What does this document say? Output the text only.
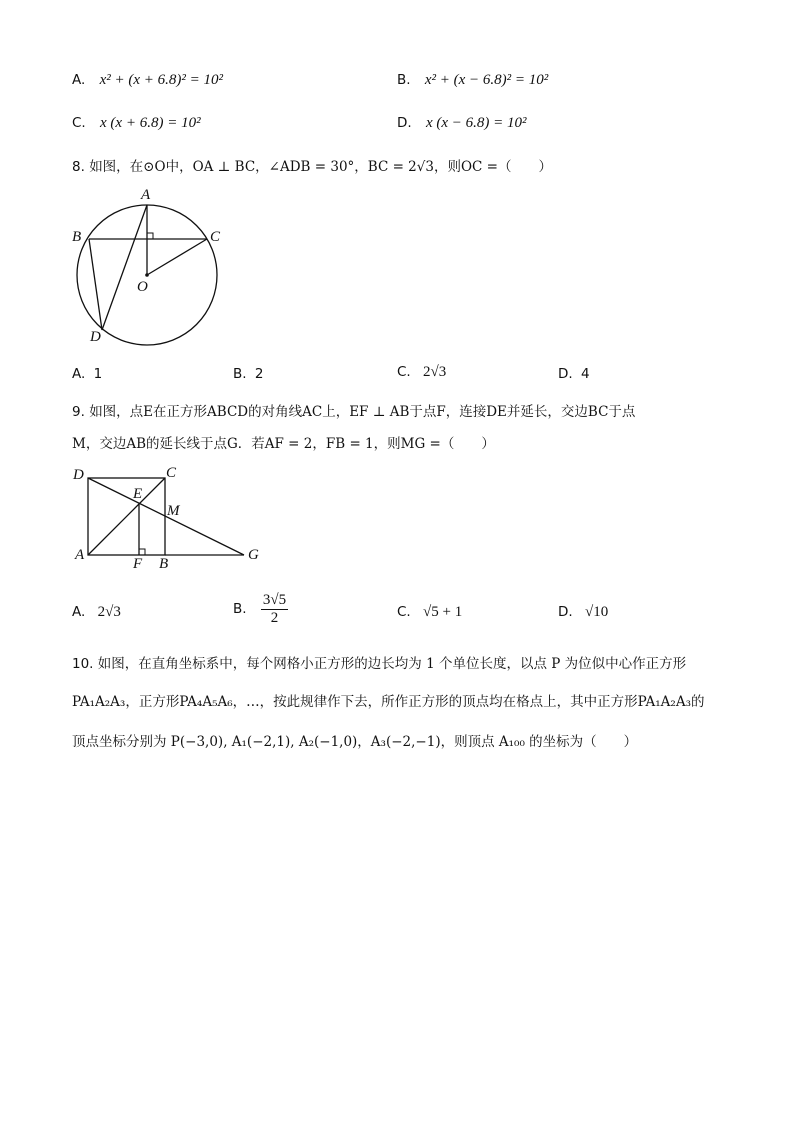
A. x² + (x + 6.8)² = 10²	B. x² + (x − 6.8)² = 10²
C. x (x + 6.8) = 10²	D. x (x − 6.8) = 10²
8. 如图，在⊙O中，OA ⊥ BC，∠ADB = 30°，BC = 2√3，则OC =（　　）
A
B	C
O
D
A. 1	B. 2	C. 2√3	D. 4
9. 如图，点E在正方形ABCD的对角线AC上，EF ⊥ AB于点F，连接DE并延长，交边BC于点
M，交边AB的延长线于点G．若AF = 2，FB = 1，则MG =（　　）
D	C
E
M
A
F B
G
A. 2√3	B. $\frac{3√5}{2}$	C. √5 + 1	D. √10
10. 如图，在直角坐标系中，每个网格小正方形的边长均为 1 个单位长度，以点 P 为位似中心作正方形
PA₁A₂A₃，正方形PA₄A₅A₆，…，按此规律作下去，所作正方形的顶点均在格点上，其中正方形PA₁A₂A₃的
顶点坐标分别为 P(−3,0), A₁(−2,1), A₂(−1,0)，A₃(−2,−1)，则顶点 A₁₀₀ 的坐标为（　　）
